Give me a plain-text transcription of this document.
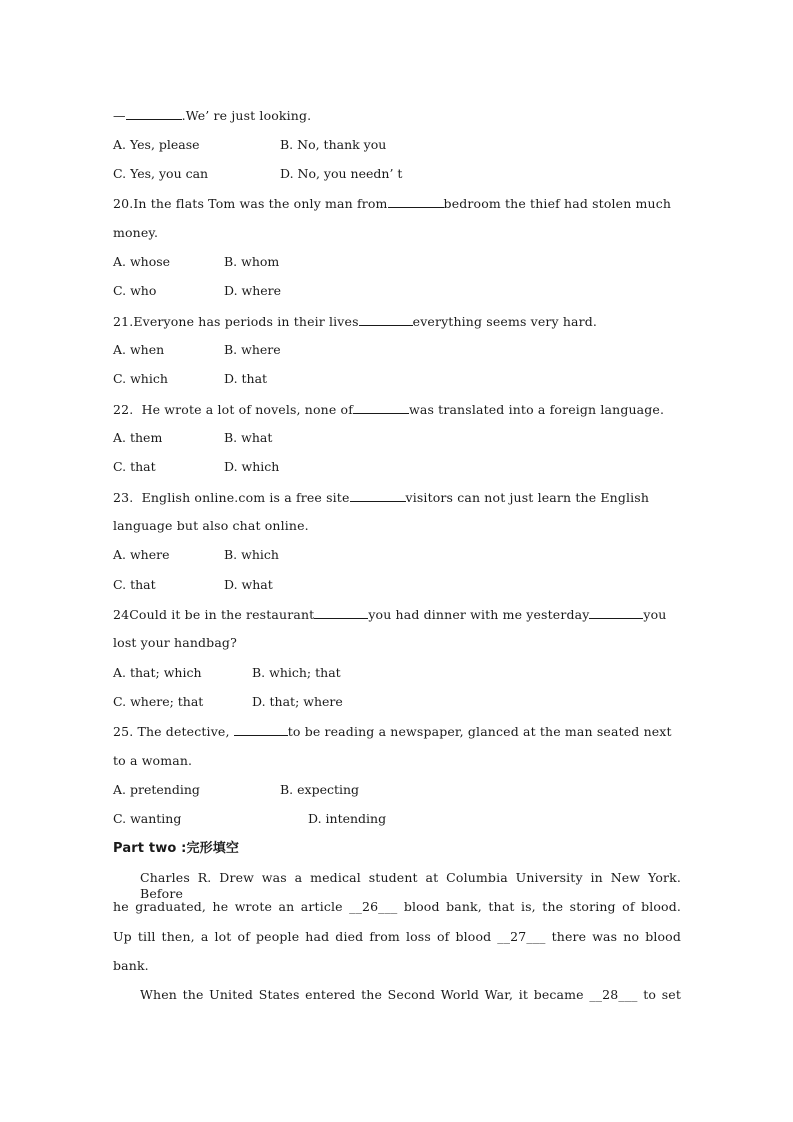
—	.We’ re just looking.
A. Yes, please	B. No, thank you
C. Yes, you can	D. No, you needn’ t
20.In the flats Tom was the only man from	bedroom the thief had stolen much
money.
A. whose	B. whom
C. who	D. where
21.Everyone has periods in their lives	everything seems very hard.
A. when	B. where
C. which	D. that
22.  He wrote a lot of novels, none of	was translated into a foreign language.
A. them	B. what
C. that	D. which
23.  English online.com is a free site	visitors can not just learn the English
language but also chat online.
A. where	B. which
C. that	D. what
24Could it be in the restaurant	you had dinner with me yesterday	you
lost your handbag?
A. that; which	B. which; that
C. where; that	D. that; where
25. The detective,	to be reading a newspaper, glanced at the man seated next
to a woman.
A. pretending	B. expecting
C. wanting	D. intending
Part two :完形填空
Charles R. Drew was a medical student at Columbia University in New York. Before
he graduated, he wrote an article __26___ blood bank, that is, the storing of blood.
Up till then, a lot of people had died from loss of blood __27___ there was no blood
bank.
When the United States entered the Second World War, it became __28___ to set
